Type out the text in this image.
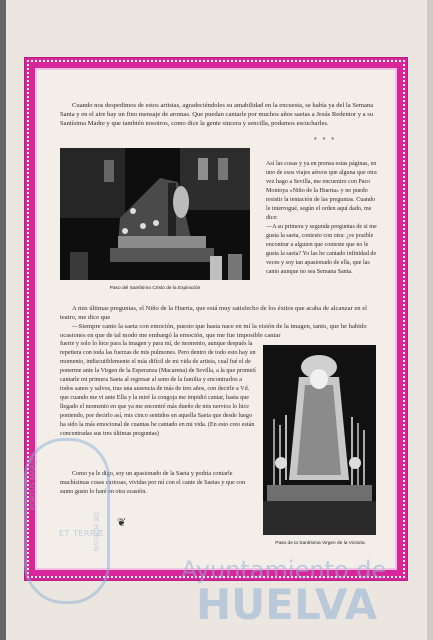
Cuando nos despedimos de estos artistas, agradeciéndoles su amabilidad en la encuesta, se había ya del la Semana Santa y en el aire hay un fino mensaje de aromas. Que puedan cantarle por muchos años saetas a Jesús Redentor y a su Santísima Madre y que también nosotros, como dice la gente sincera y sencilla, podamos escucharles.
Paso del Santísimo Cristo de la Expiración
* * *
Así las cosas y ya en prensa estas páginas, en uno de esos viajes aéreos que alguna que otra vez hago a Sevilla, me encuentro con Paco Montoya «Niño de la Huerta» y no puedo resistir la tentación de las preguntas. Cuando le interrogué, según el orden aquí dado, me dice:
—A su primera y segunda preguntas de si me gusta la saeta, contesto con otra: ¿es posible encontrar a alguien que conteste que no le gusta la saeta? Yo las he cantado infinidad de veces y soy tan apasionado de ella, que las canto aunque no sea Semana Santa.
A mis últimas preguntas, el Niño de la Huerta, que está muy satisfecho de los éxitos que acaba de alcanzar en el teatro, me dice que
—Siempre canto la saeta con emoción, puesto que hasta nace en mí la visión de la imagen, tanto, que he habido ocasiones en que de tal modo me embargó la emoción, que me fue imposible cantar
fuerte y solo lo hice para la imagen y para mí, de momento, aunque después la repetiera con toda las fuerzas de mis pulmones. Pero dentro de todo esto hay un momento, indiscutiblemente el más difícil de mi vida de artista, cual fué el de ponerme ante la Virgen de la Esperanza (Macarena) de Sevilla, a la que prometí cantarle mi primera Saeta al regresar al seno de la familia y encontrarlos a todos sanos y salvos, tras una ausencia de más de tres años, con decirle a Vd. que cuando me vi ante Ella y la miré la congoja me impidió cantar, hasta que llegado el momento en que ya me encontré más dueño de mis nervios lo hice poniendo, por decirlo así, mis cinco sentidos en aquella Saeta que desde luego ha sido la más emocional de cuantas he cantado en mi vida. (En esto creo están concentradas sus tres últimas preguntas)
Como ya le digo, soy un apasionado de la Saeta y podría contarle muchísimas cosas curiosas, vividas por mí con el cante de Saetas y que con sumo gusto lo haré en otra ocasión.
❦
Paso de la Santísima Virgen de la Victoria
ET TERRÆ
PORTUS MARIS
DE HUELVA
Ayuntamiento de
HUELVA
